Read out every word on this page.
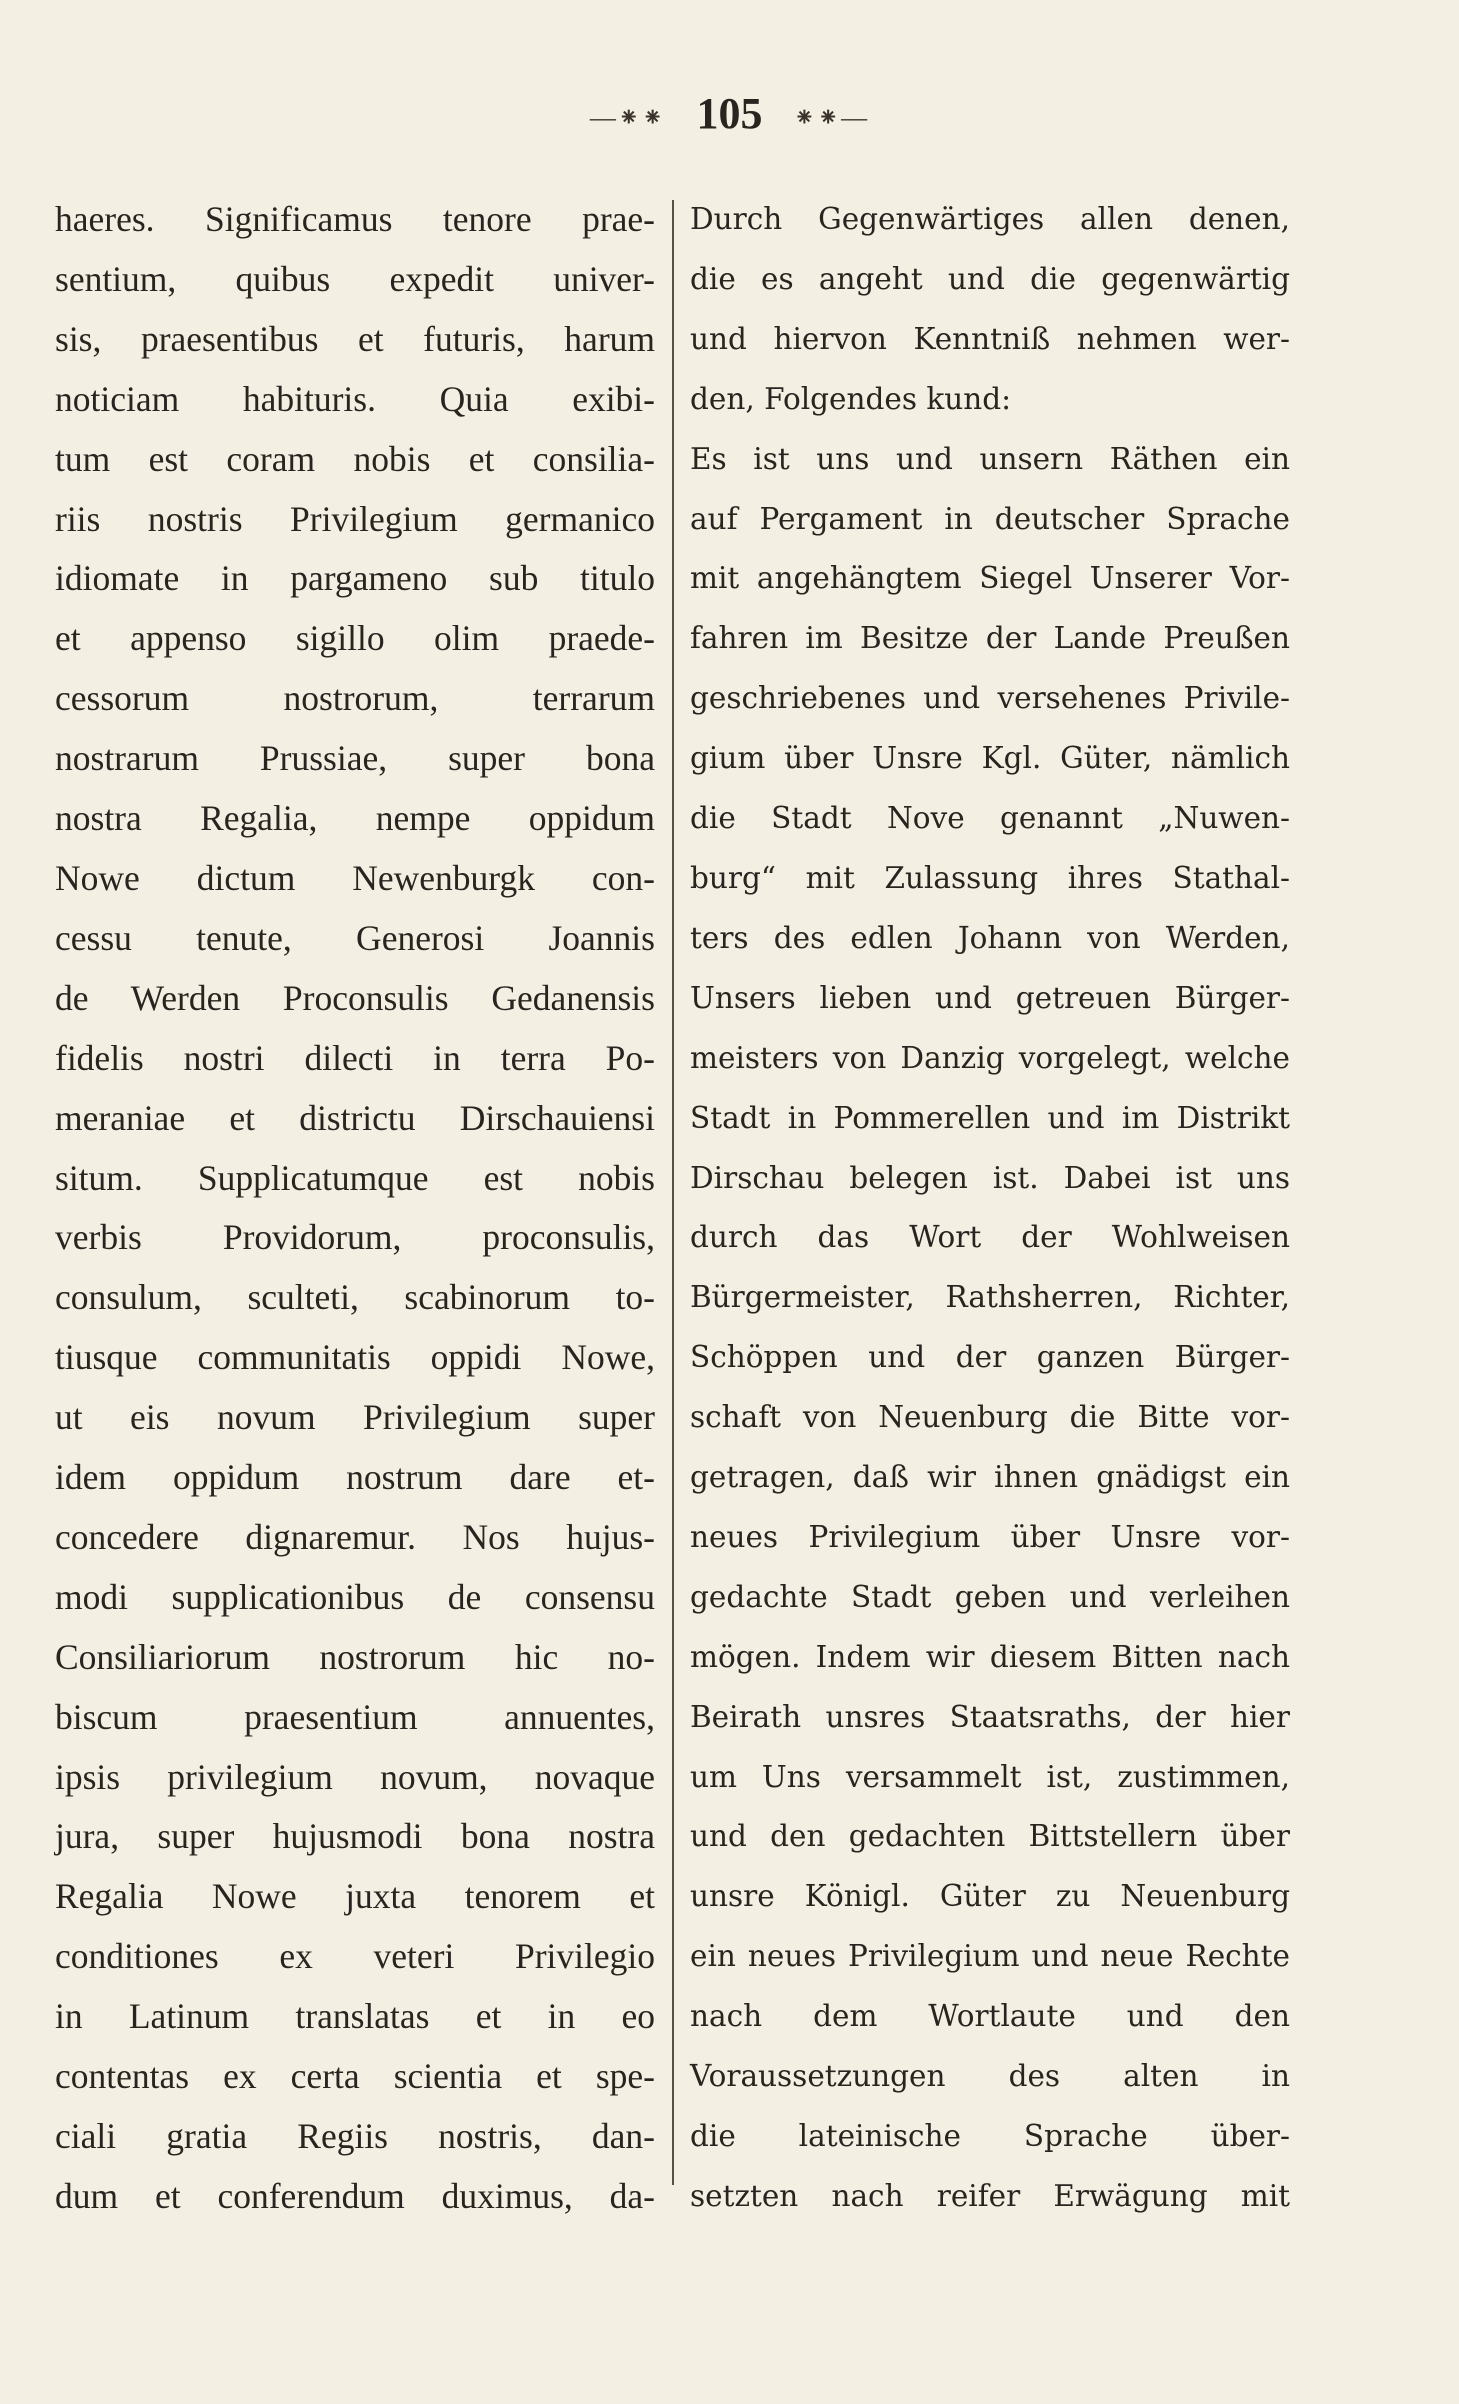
—⁕⁕ 105 ⁕⁕—
haeres. Significamus tenore prae-
sentium, quibus expedit univer-
sis, praesentibus et futuris, harum
noticiam habituris. Quia exibi-
tum est coram nobis et consilia-
riis nostris Privilegium germanico
idiomate in pargameno sub titulo
et appenso sigillo olim praede-
cessorum nostrorum, terrarum
nostrarum Prussiae, super bona
nostra Regalia, nempe oppidum
Nowe dictum Newenburgk con-
cessu tenute, Generosi Joannis
de Werden Proconsulis Gedanensis
fidelis nostri dilecti in terra Po-
meraniae et districtu Dirschauiensi
situm. Supplicatumque est nobis
verbis Providorum, proconsulis,
consulum, sculteti, scabinorum to-
tiusque communitatis oppidi Nowe,
ut eis novum Privilegium super
idem oppidum nostrum dare et-
concedere dignaremur. Nos hujus-
modi supplicationibus de consensu
Consiliariorum nostrorum hic no-
biscum praesentium annuentes,
ipsis privilegium novum, novaque
jura, super hujusmodi bona nostra
Regalia Nowe juxta tenorem et
conditiones ex veteri Privilegio
in Latinum translatas et in eo
contentas ex certa scientia et spe-
ciali gratia Regiis nostris, dan-
dum et conferendum duximus, da-
Durch Gegenwärtiges allen denen,
die es angeht und die gegenwärtig
und hiervon Kenntniß nehmen wer-
den, Folgendes kund:
Es ist uns und unsern Räthen ein
auf Pergament in deutscher Sprache
mit angehängtem Siegel Unserer Vor-
fahren im Besitze der Lande Preußen
geschriebenes und versehenes Privile-
gium über Unsre Kgl. Güter, nämlich
die Stadt Nove genannt „Nuwen-
burg“ mit Zulassung ihres Stathal-
ters des edlen Johann von Werden,
Unsers lieben und getreuen Bürger-
meisters von Danzig vorgelegt, welche
Stadt in Pommerellen und im Distrikt
Dirschau belegen ist. Dabei ist uns
durch das Wort der Wohlweisen
Bürgermeister, Rathsherren, Richter,
Schöppen und der ganzen Bürger-
schaft von Neuenburg die Bitte vor-
getragen, daß wir ihnen gnädigst ein
neues Privilegium über Unsre vor-
gedachte Stadt geben und verleihen
mögen. Indem wir diesem Bitten nach
Beirath unsres Staatsraths, der hier
um Uns versammelt ist, zustimmen,
und den gedachten Bittstellern über
unsre Königl. Güter zu Neuenburg
ein neues Privilegium und neue Rechte
nach dem Wortlaute und den
Voraussetzungen des alten in
die lateinische Sprache über-
setzten nach reifer Erwägung mit
